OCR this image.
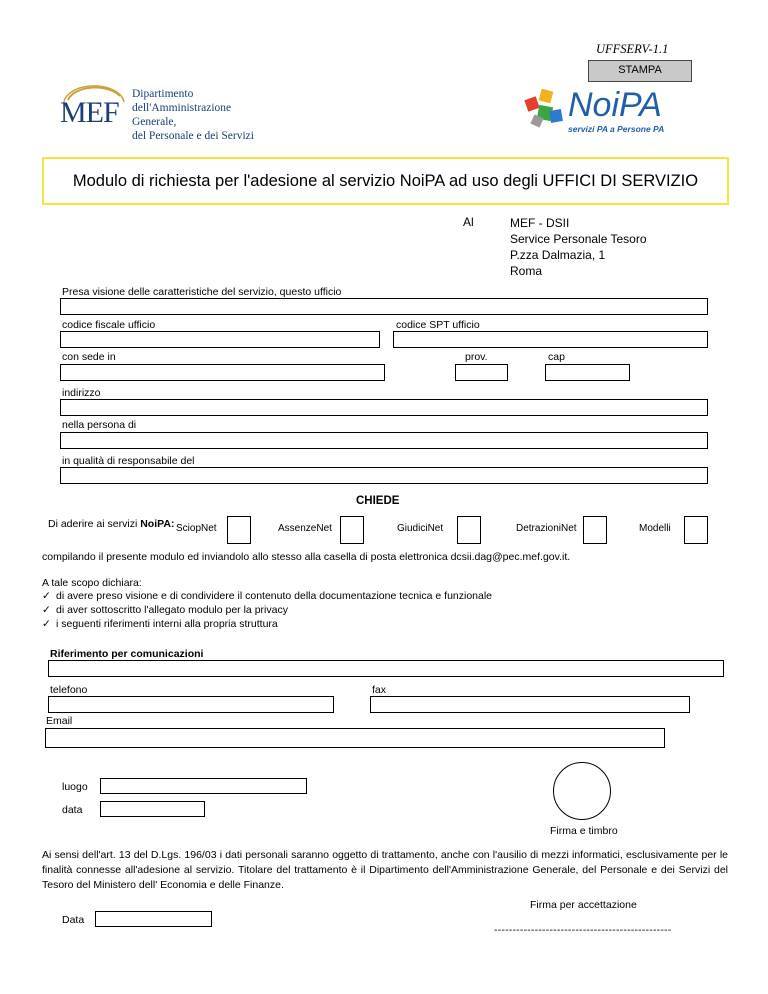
UFFSERV-1.1
STAMPA
MEF
Dipartimento
dell'Amministrazione Generale,
del Personale e dei Servizi
NoiPA
servizi PA a Persone PA
Modulo di richiesta per l'adesione al servizio NoiPA ad uso degli UFFICI DI SERVIZIO
Al	MEF - DSII
Service Personale Tesoro
P.zza Dalmazia, 1
Roma
Presa visione delle caratteristiche del servizio, questo ufficio
codice fiscale ufficio	codice SPT ufficio
con sede in	prov.	cap
indirizzo
nella persona di
in qualità di responsabile del
CHIEDE
Di aderire ai servizi NoiPA: SciopNet	AssenzeNet	GiudiciNet	DetrazioniNet	Modelli
compilando il presente modulo ed inviandolo allo stesso alla casella di posta elettronica dcsii.dag@pec.mef.gov.it.
A tale scopo dichiara:
✓ di avere preso visione e di condividere il contenuto della documentazione tecnica e funzionale
✓ di aver sottoscritto l'allegato modulo per la privacy
✓ i seguenti riferimenti interni alla propria struttura
Riferimento per comunicazioni
telefono	fax
Email
luogo
data
Firma e timbro
Ai sensi dell'art. 13 del D.Lgs. 196/03 i dati personali saranno oggetto di trattamento, anche con l'ausilio di mezzi informatici, esclusivamente per le finalità connesse all'adesione al servizio. Titolare del trattamento è il Dipartimento dell'Amministrazione Generale, del Personale e dei Servizi del Tesoro del Ministero dell' Economia e delle Finanze.
Firma per accettazione
Data
------------------------------------------------
